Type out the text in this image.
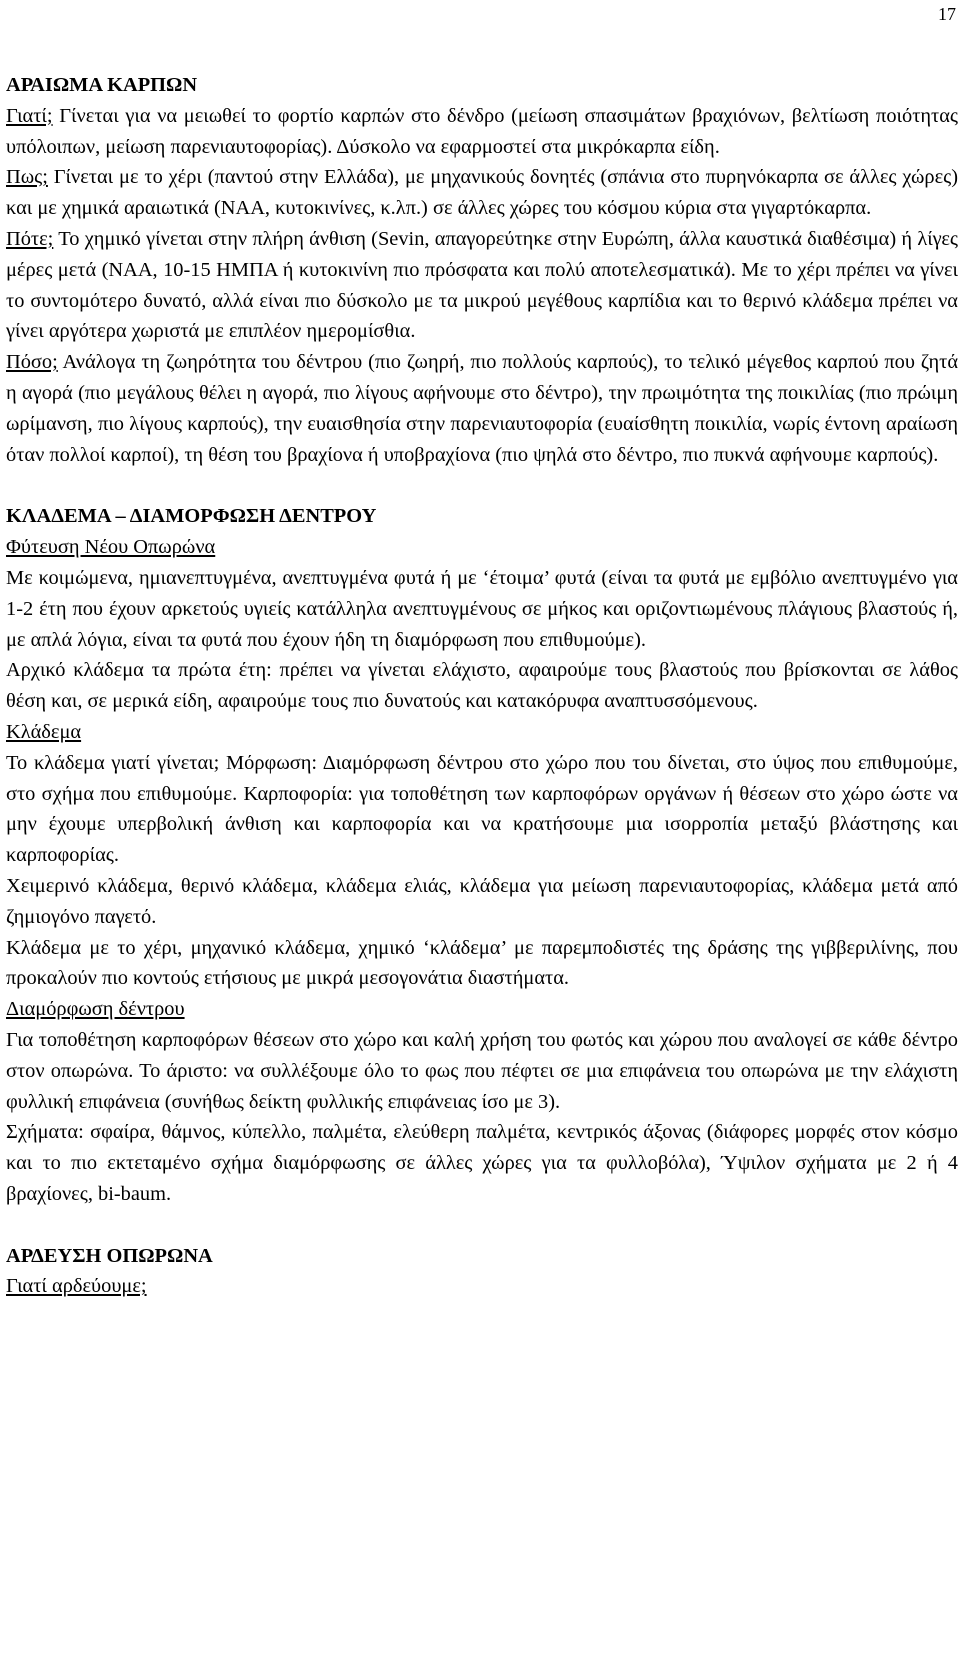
17
ΑΡΑΙΩΜΑ ΚΑΡΠΩΝ

Γιατί; Γίνεται για να μειωθεί το φορτίο καρπών στο δένδρο (μείωση σπασιμάτων βραχιόνων, βελτίωση ποιότητας υπόλοιπων, μείωση παρενιαυτοφορίας). Δύσκολο να εφαρμοστεί στα μικρόκαρπα είδη.

Πως; Γίνεται με το χέρι (παντού στην Ελλάδα), με μηχανικούς δονητές (σπάνια στο πυρηνόκαρπα σε άλλες χώρες) και με χημικά αραιωτικά (ΝΑΑ, κυτοκινίνες, κ.λπ.) σε άλλες χώρες του κόσμου κύρια στα γιγαρτόκαρπα.

Πότε; Το χημικό γίνεται στην πλήρη άνθιση (Sevin, απαγορεύτηκε στην Ευρώπη, άλλα καυστικά διαθέσιμα) ή λίγες μέρες μετά (ΝΑΑ, 10-15 ΗΜΠΑ ή κυτοκινίνη πιο πρόσφατα και πολύ αποτελεσματικά). Με το χέρι πρέπει να γίνει το συντομότερο δυνατό, αλλά είναι πιο δύσκολο με τα μικρού μεγέθους καρπίδια και το θερινό κλάδεμα πρέπει να γίνει αργότερα χωριστά με επιπλέον ημερομίσθια.

Πόσο; Ανάλογα τη ζωηρότητα του δέντρου (πιο ζωηρή, πιο πολλούς καρπούς), το τελικό μέγεθος καρπού που ζητά η αγορά (πιο μεγάλους θέλει η αγορά, πιο λίγους αφήνουμε στο δέντρο), την πρωιμότητα της ποικιλίας (πιο πρώιμη ωρίμανση, πιο λίγους καρπούς), την ευαισθησία στην παρενιαυτοφορία (ευαίσθητη ποικιλία, νωρίς έντονη αραίωση όταν πολλοί καρποί), τη θέση του βραχίονα ή υποβραχίονα (πιο ψηλά στο δέντρο, πιο πυκνά αφήνουμε καρπούς).

ΚΛΑΔΕΜΑ – ΔΙΑΜΟΡΦΩΣΗ ΔΕΝΤΡΟΥ

Φύτευση Νέου Οπωρώνα

Με κοιμώμενα, ημιανεπτυγμένα, ανεπτυγμένα φυτά ή με ‘έτοιμα’ φυτά (είναι τα φυτά με εμβόλιο ανεπτυγμένο για 1-2 έτη που έχουν αρκετούς υγιείς κατάλληλα ανεπτυγμένους σε μήκος και οριζοντιωμένους πλάγιους βλαστούς ή, με απλά λόγια, είναι τα φυτά που έχουν ήδη τη διαμόρφωση που επιθυμούμε).

Αρχικό κλάδεμα τα πρώτα έτη: πρέπει να γίνεται ελάχιστο, αφαιρούμε τους βλαστούς που βρίσκονται σε λάθος θέση και, σε μερικά είδη, αφαιρούμε τους πιο δυνατούς και κατακόρυφα αναπτυσσόμενους.

Κλάδεμα

Το κλάδεμα γιατί γίνεται; Μόρφωση: Διαμόρφωση δέντρου στο χώρο που του δίνεται, στο ύψος που επιθυμούμε, στο σχήμα που επιθυμούμε. Καρποφορία: για τοποθέτηση των καρποφόρων οργάνων ή θέσεων στο χώρο ώστε να μην έχουμε υπερβολική άνθιση και καρποφορία και να κρατήσουμε μια ισορροπία μεταξύ βλάστησης και καρποφορίας.

Χειμερινό κλάδεμα, θερινό κλάδεμα, κλάδεμα ελιάς, κλάδεμα για μείωση παρενιαυτοφορίας, κλάδεμα μετά από ζημιογόνο παγετό.

Κλάδεμα με το χέρι, μηχανικό κλάδεμα, χημικό ‘κλάδεμα’ με παρεμποδιστές της δράσης της γιββεριλίνης, που προκαλούν πιο κοντούς ετήσιους με μικρά μεσογονάτια διαστήματα.

Διαμόρφωση δέντρου

Για τοποθέτηση καρποφόρων θέσεων στο χώρο και καλή χρήση του φωτός και χώρου που αναλογεί σε κάθε δέντρο στον οπωρώνα. Το άριστο: να συλλέξουμε όλο το φως που πέφτει σε μια επιφάνεια του οπωρώνα με την ελάχιστη φυλλική επιφάνεια (συνήθως δείκτη φυλλικής επιφάνειας ίσο με 3).

Σχήματα: σφαίρα, θάμνος, κύπελλο, παλμέτα, ελεύθερη παλμέτα, κεντρικός άξονας (διάφορες μορφές στον κόσμο και το πιο εκτεταμένο σχήμα διαμόρφωσης σε άλλες χώρες για τα φυλλοβόλα), Ύψιλον σχήματα με 2 ή 4 βραχίονες, bi-baum.

ΑΡΔΕΥΣΗ ΟΠΩΡΩΝΑ

Γιατί αρδεύουμε;
